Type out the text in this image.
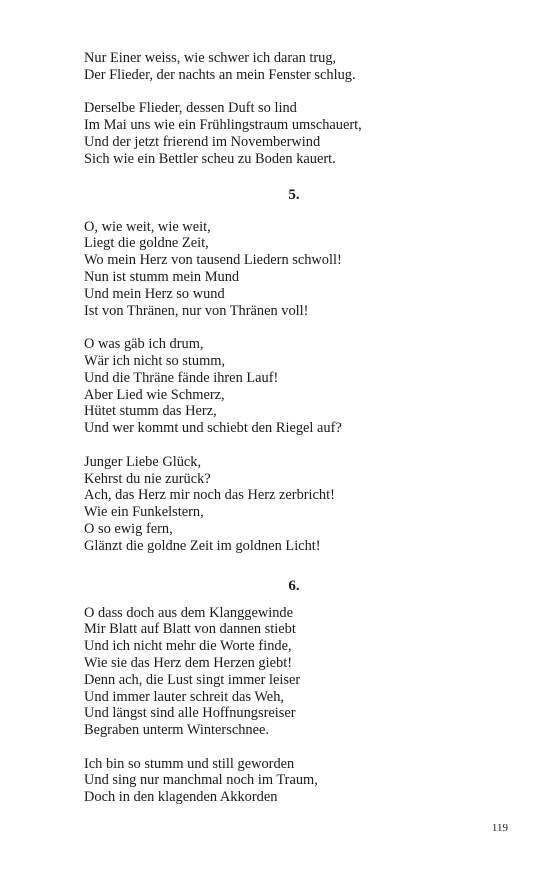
Nur Einer weiss, wie schwer ich daran trug,
Der Flieder, der nachts an mein Fenster schlug.
Derselbe Flieder, dessen Duft so lind
Im Mai uns wie ein Frühlingstraum umschauert,
Und der jetzt frierend im Novemberwind
Sich wie ein Bettler scheu zu Boden kauert.
5.
O, wie weit, wie weit,
Liegt die goldne Zeit,
Wo mein Herz von tausend Liedern schwoll!
Nun ist stumm mein Mund
Und mein Herz so wund
Ist von Thränen, nur von Thränen voll!
O was gäb ich drum,
Wär ich nicht so stumm,
Und die Thräne fände ihren Lauf!
Aber Lied wie Schmerz,
Hütet stumm das Herz,
Und wer kommt und schiebt den Riegel auf?
Junger Liebe Glück,
Kehrst du nie zurück?
Ach, das Herz mir noch das Herz zerbricht!
Wie ein Funkelstern,
O so ewig fern,
Glänzt die goldne Zeit im goldnen Licht!
6.
O dass doch aus dem Klanggewinde
Mir Blatt auf Blatt von dannen stiebt
Und ich nicht mehr die Worte finde,
Wie sie das Herz dem Herzen giebt!
Denn ach, die Lust singt immer leiser
Und immer lauter schreit das Weh,
Und längst sind alle Hoffnungsreiser
Begraben unterm Winterschnee.
Ich bin so stumm und still geworden
Und sing nur manchmal noch im Traum,
Doch in den klagenden Akkorden
119
